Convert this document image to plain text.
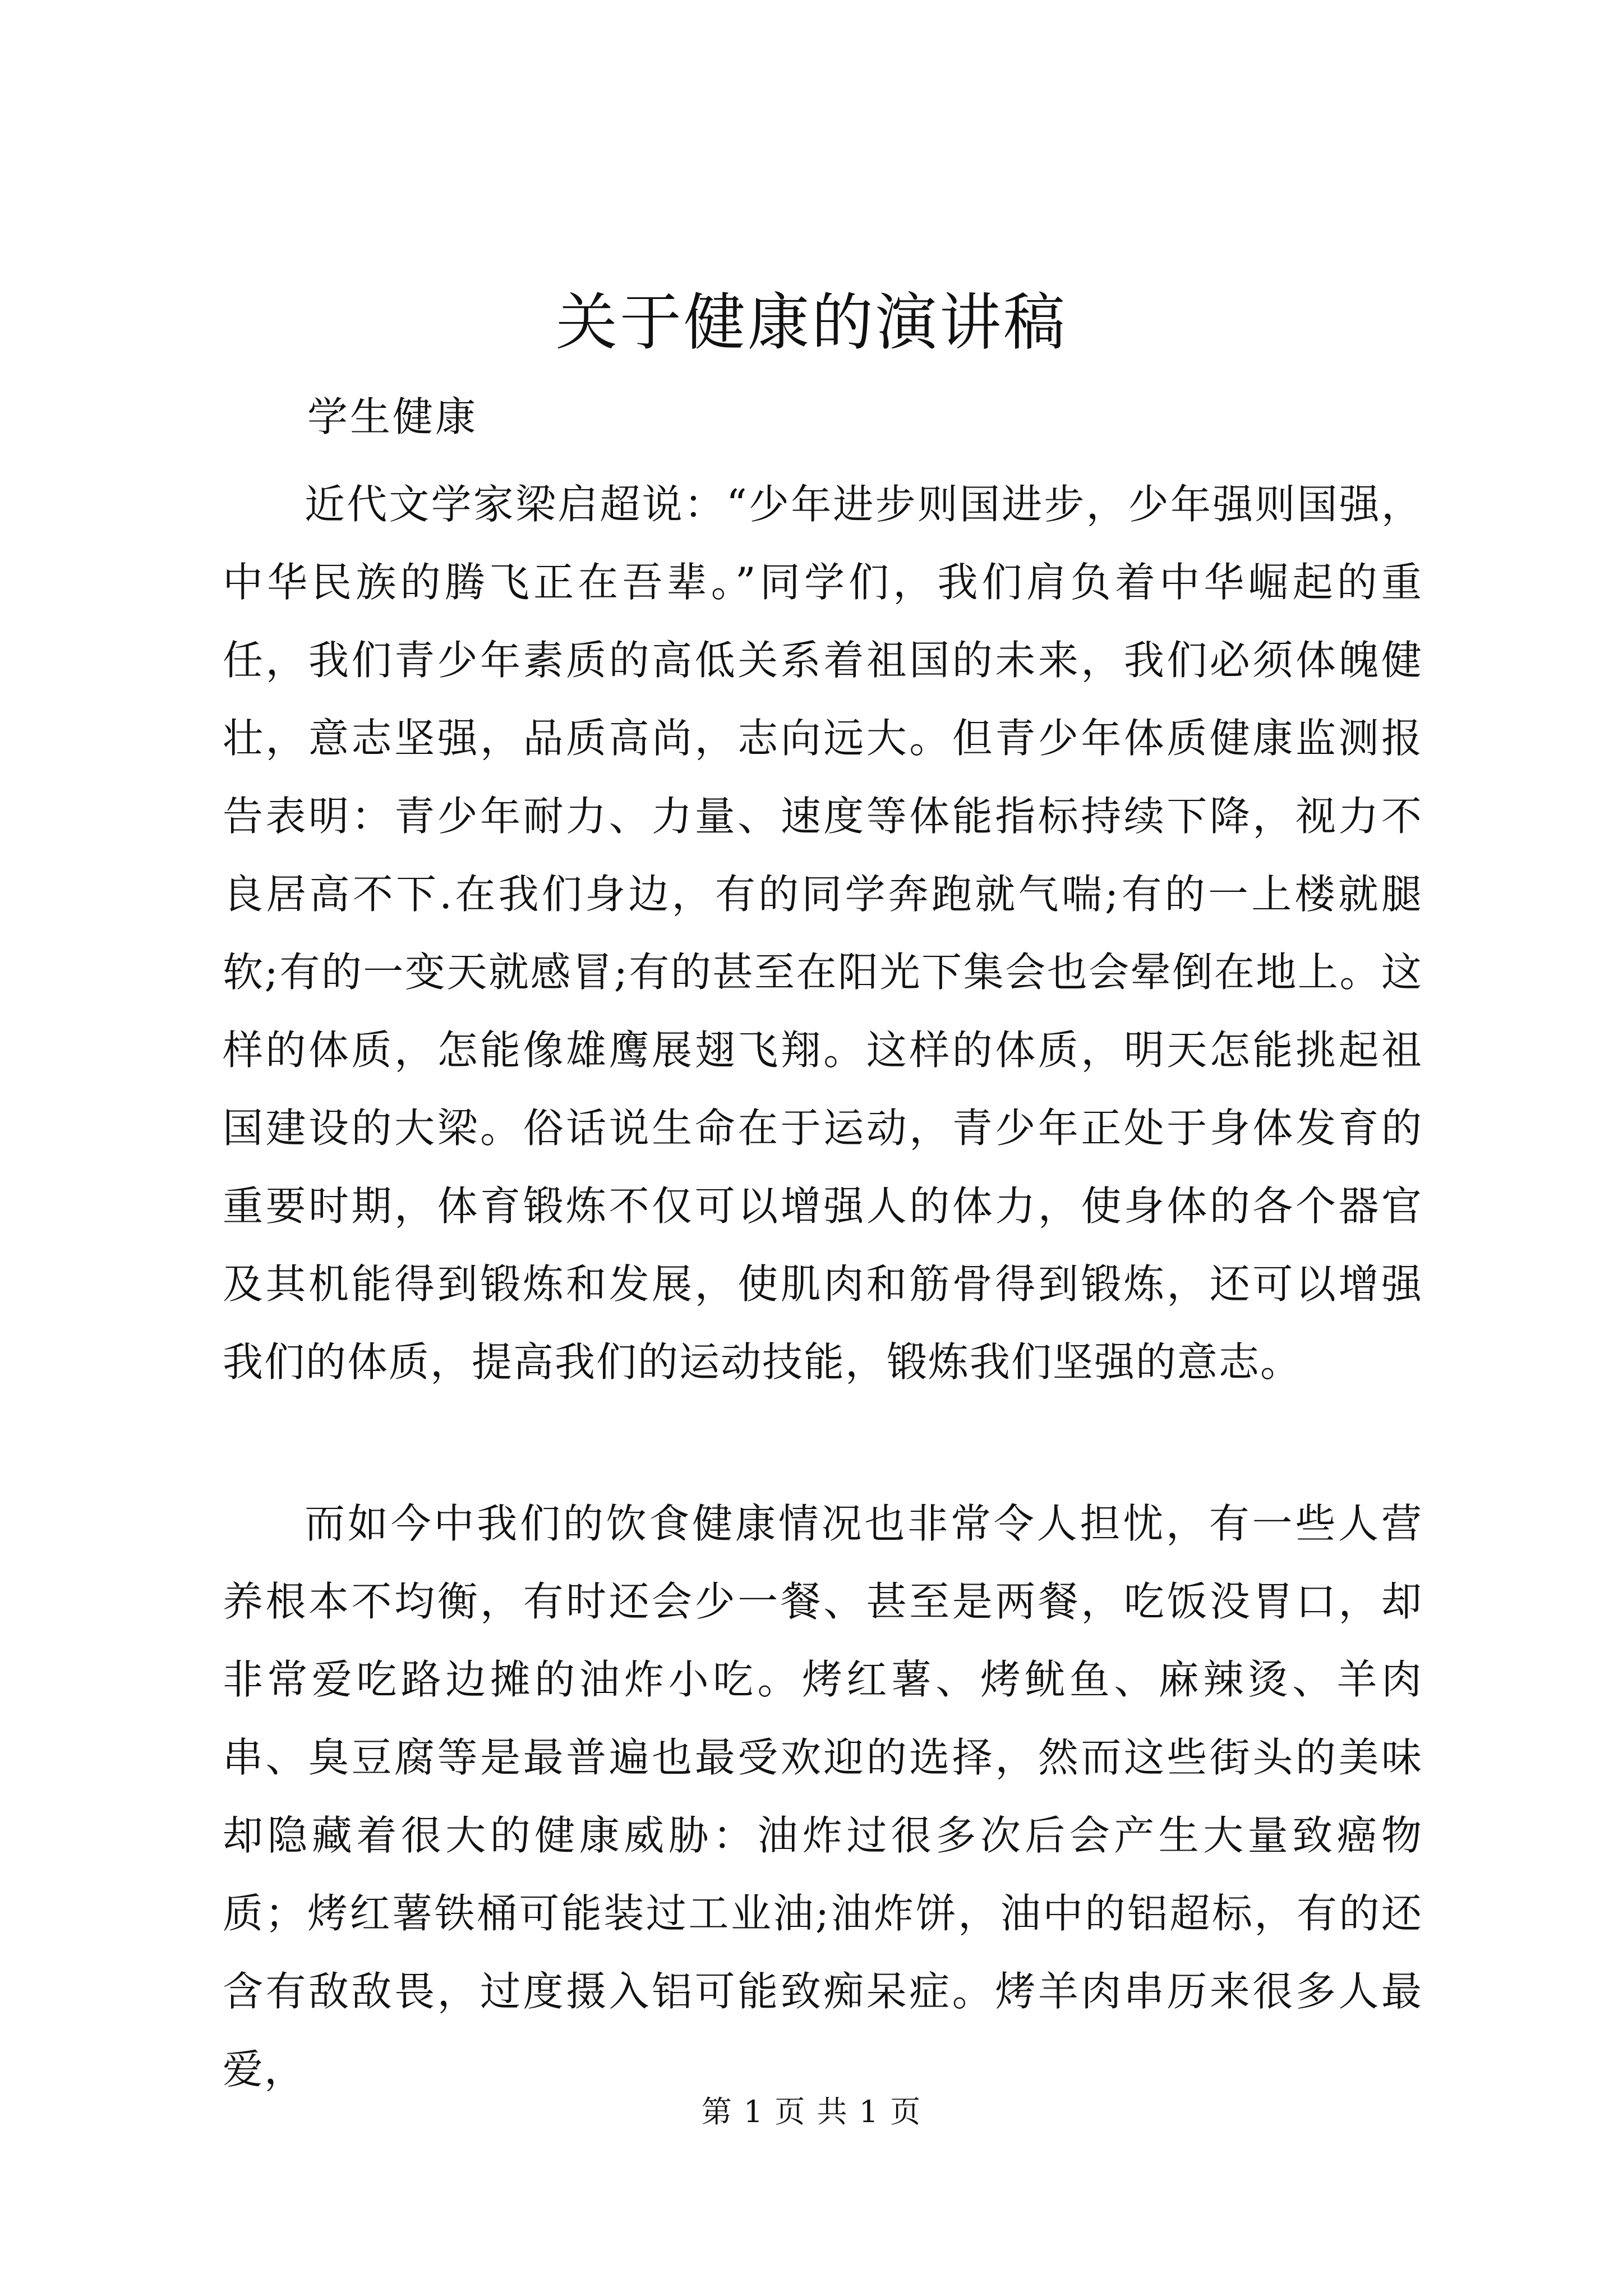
关于健康的演讲稿

学生健康

近代文学家梁启超说：“少年进步则国进步，少年强则国强，中华民族的腾飞正在吾辈。”同学们，我们肩负着中华崛起的重任，我们青少年素质的高低关系着祖国的未来，我们必须体魄健壮，意志坚强，品质高尚，志向远大。但青少年体质健康监测报告表明：青少年耐力、力量、速度等体能指标持续下降，视力不良居高不下.在我们身边，有的同学奔跑就气喘;有的一上楼就腿软;有的一变天就感冒;有的甚至在阳光下集会也会晕倒在地上。这样的体质，怎能像雄鹰展翅飞翔。这样的体质，明天怎能挑起祖国建设的大梁。俗话说生命在于运动，青少年正处于身体发育的重要时期，体育锻炼不仅可以增强人的体力，使身体的各个器官及其机能得到锻炼和发展，使肌肉和筋骨得到锻炼，还可以增强我们的体质，提高我们的运动技能，锻炼我们坚强的意志。

而如今中我们的饮食健康情况也非常令人担忧，有一些人营养根本不均衡，有时还会少一餐、甚至是两餐，吃饭没胃口，却非常爱吃路边摊的油炸小吃。烤红薯、烤鱿鱼、麻辣烫、羊肉串、臭豆腐等是最普遍也最受欢迎的选择，然而这些街头的美味却隐藏着很大的健康威胁：油炸过很多次后会产生大量致癌物质；烤红薯铁桶可能装过工业油;油炸饼，油中的铝超标，有的还含有敌敌畏，过度摄入铝可能致痴呆症。烤羊肉串历来很多人最爱，

第 1 页 共 1 页
